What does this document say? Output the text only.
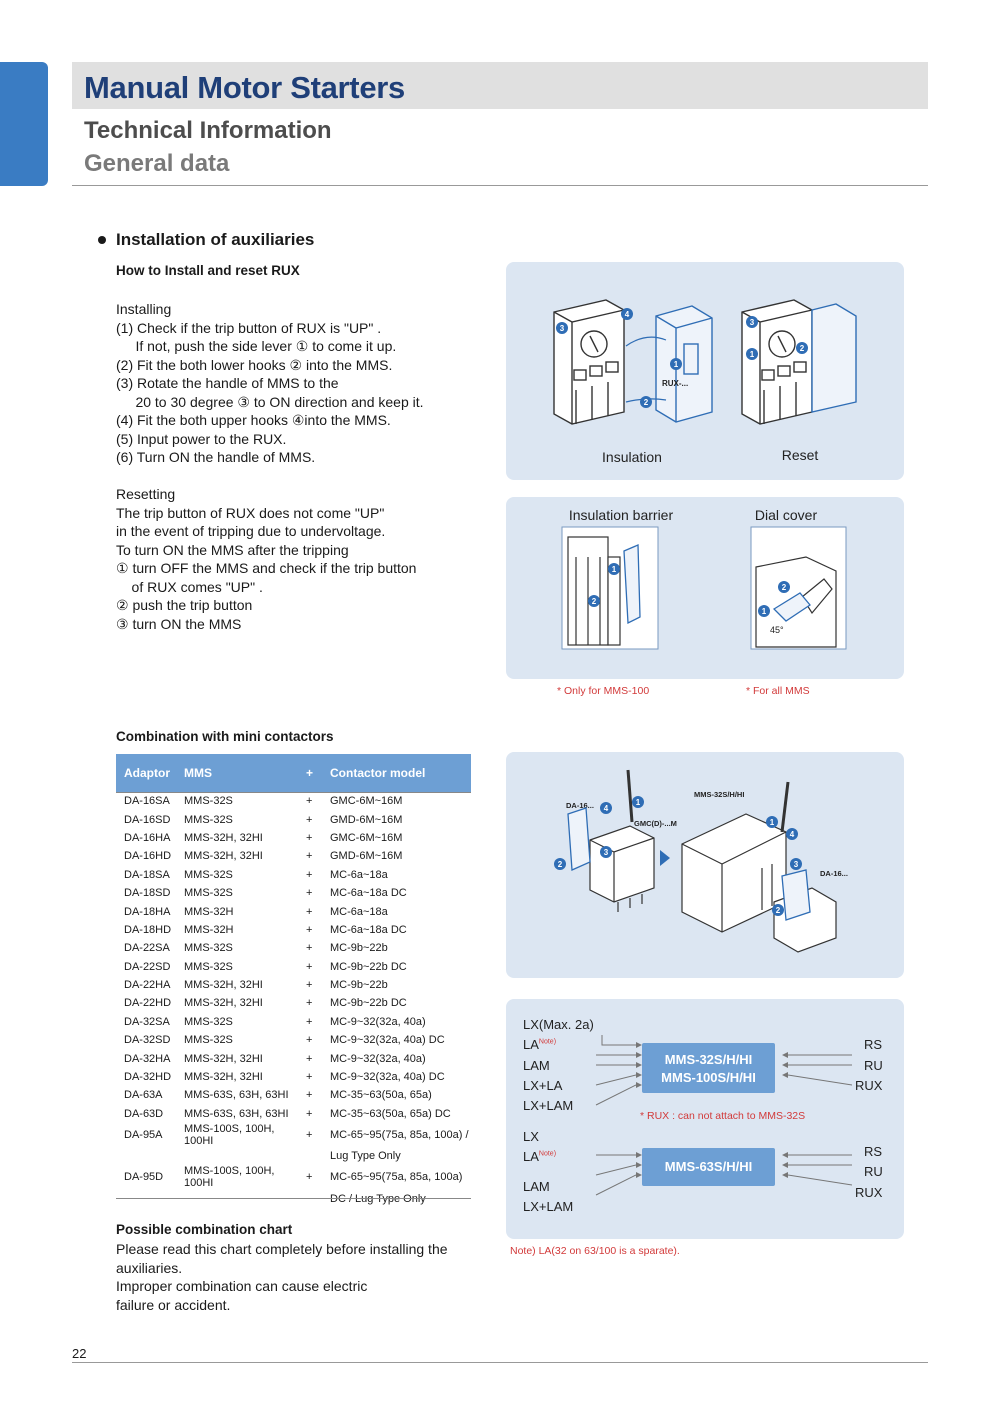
Manual Motor Starters
Technical Information
General data
Installation of auxiliaries
How to Install and reset RUX
Installing
(1) Check if the trip button of RUX is "UP" .
If not, push the side lever ① to come it up.
(2) Fit the both lower hooks ② into the MMS.
(3) Rotate the handle of MMS to the
20 to 30 degree ③ to ON direction and keep it.
(4) Fit the both upper hooks ④into the MMS.
(5) Input power to the RUX.
(6) Turn ON the handle of MMS.
Resetting
The trip button of RUX does not come "UP"
in the event of tripping due to undervoltage.
To turn ON the MMS after the tripping
① turn OFF the MMS and check if the trip button
of RUX comes "UP" .
② push the trip button
③ turn ON the MMS
3
4
1
2
RUX-...
3
1
2
Insulation	Reset
Insulation barrier	Dial cover
1
2
2
1
45°
* Only for MMS-100	* For all MMS
Combination with mini contactors
Adaptor	MMS	+	Contactor model
DA-16SA	MMS-32S	+	GMC-6M~16M
DA-16SD	MMS-32S	+	GMD-6M~16M
DA-16HA	MMS-32H, 32HI	+	GMC-6M~16M
DA-16HD	MMS-32H, 32HI	+	GMD-6M~16M
DA-18SA	MMS-32S	+	MC-6a~18a
DA-18SD	MMS-32S	+	MC-6a~18a DC
DA-18HA	MMS-32H	+	MC-6a~18a
DA-18HD	MMS-32H	+	MC-6a~18a DC
DA-22SA	MMS-32S	+	MC-9b~22b
DA-22SD	MMS-32S	+	MC-9b~22b DC
DA-22HA	MMS-32H, 32HI	+	MC-9b~22b
DA-22HD	MMS-32H, 32HI	+	MC-9b~22b DC
DA-32SA	MMS-32S	+	MC-9~32(32a, 40a)
DA-32SD	MMS-32S	+	MC-9~32(32a, 40a) DC
DA-32HA	MMS-32H, 32HI	+	MC-9~32(32a, 40a)
DA-32HD	MMS-32H, 32HI	+	MC-9~32(32a, 40a) DC
DA-63A	MMS-63S, 63H, 63HI	+	MC-35~63(50a, 65a)
DA-63D	MMS-63S, 63H, 63HI	+	MC-35~63(50a, 65a) DC
DA-95A	MMS-100S, 100H, 100HI	+	MC-65~95(75a, 85a, 100a) /
			Lug Type Only
DA-95D	MMS-100S, 100H, 100HI	+	MC-65~95(75a, 85a, 100a)

Possible combination chart
Please read this chart completely before installing the
auxiliaries.
Improper combination can cause electric
failure or accident.
DA-16...
GMC(D)-...M
MMS-32S/H/HI
DA-16...
4
1
3
2
1
4
3
2
LX(Max. 2a)
$LA^{Note)}$
LAM
LX+LA
LX+LAM
MMS-32S/H/HI
MMS-100S/H/HI
RS
RU
RUX
* RUX : can not attach to MMS-32S
LX
$LA^{Note)}$
LAM
LX+LAM
MMS-63S/H/HI
RS
RU
RUX
Note) LA(32 on 63/100 is a sparate).
22
